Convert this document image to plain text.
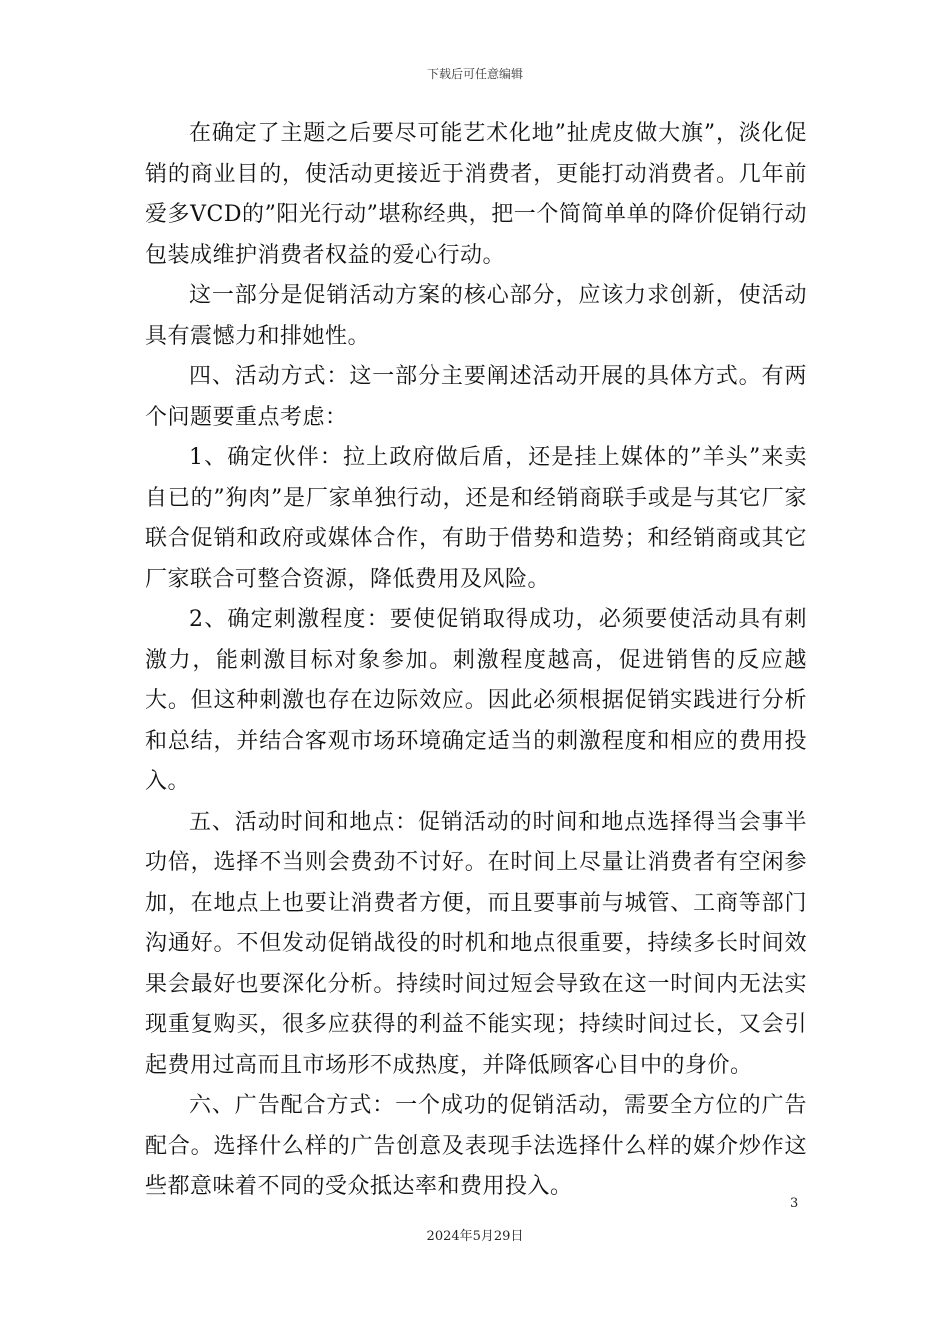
下载后可任意编辑

在确定了主题之后要尽可能艺术化地”扯虎皮做大旗”，淡化促销的商业目的，使活动更接近于消费者，更能打动消费者。几年前爱多VCD的”阳光行动”堪称经典，把一个简简单单的降价促销行动包装成维护消费者权益的爱心行动。

这一部分是促销活动方案的核心部分，应该力求创新，使活动具有震憾力和排她性。

四、活动方式：这一部分主要阐述活动开展的具体方式。有两个问题要重点考虑：

1、确定伙伴：拉上政府做后盾，还是挂上媒体的”羊头”来卖自已的”狗肉”是厂家单独行动，还是和经销商联手或是与其它厂家联合促销和政府或媒体合作，有助于借势和造势；和经销商或其它厂家联合可整合资源，降低费用及风险。

2、确定刺激程度：要使促销取得成功，必须要使活动具有刺激力，能刺激目标对象参加。刺激程度越高，促进销售的反应越大。但这种刺激也存在边际效应。因此必须根据促销实践进行分析和总结，并结合客观市场环境确定适当的刺激程度和相应的费用投入。

五、活动时间和地点：促销活动的时间和地点选择得当会事半功倍，选择不当则会费劲不讨好。在时间上尽量让消费者有空闲参加，在地点上也要让消费者方便，而且要事前与城管、工商等部门沟通好。不但发动促销战役的时机和地点很重要，持续多长时间效果会最好也要深化分析。持续时间过短会导致在这一时间内无法实现重复购买，很多应获得的利益不能实现；持续时间过长，又会引起费用过高而且市场形不成热度，并降低顾客心目中的身价。

六、广告配合方式：一个成功的促销活动，需要全方位的广告配合。选择什么样的广告创意及表现手法选择什么样的媒介炒作这些都意味着不同的受众抵达率和费用投入。

3
2024年5月29日
